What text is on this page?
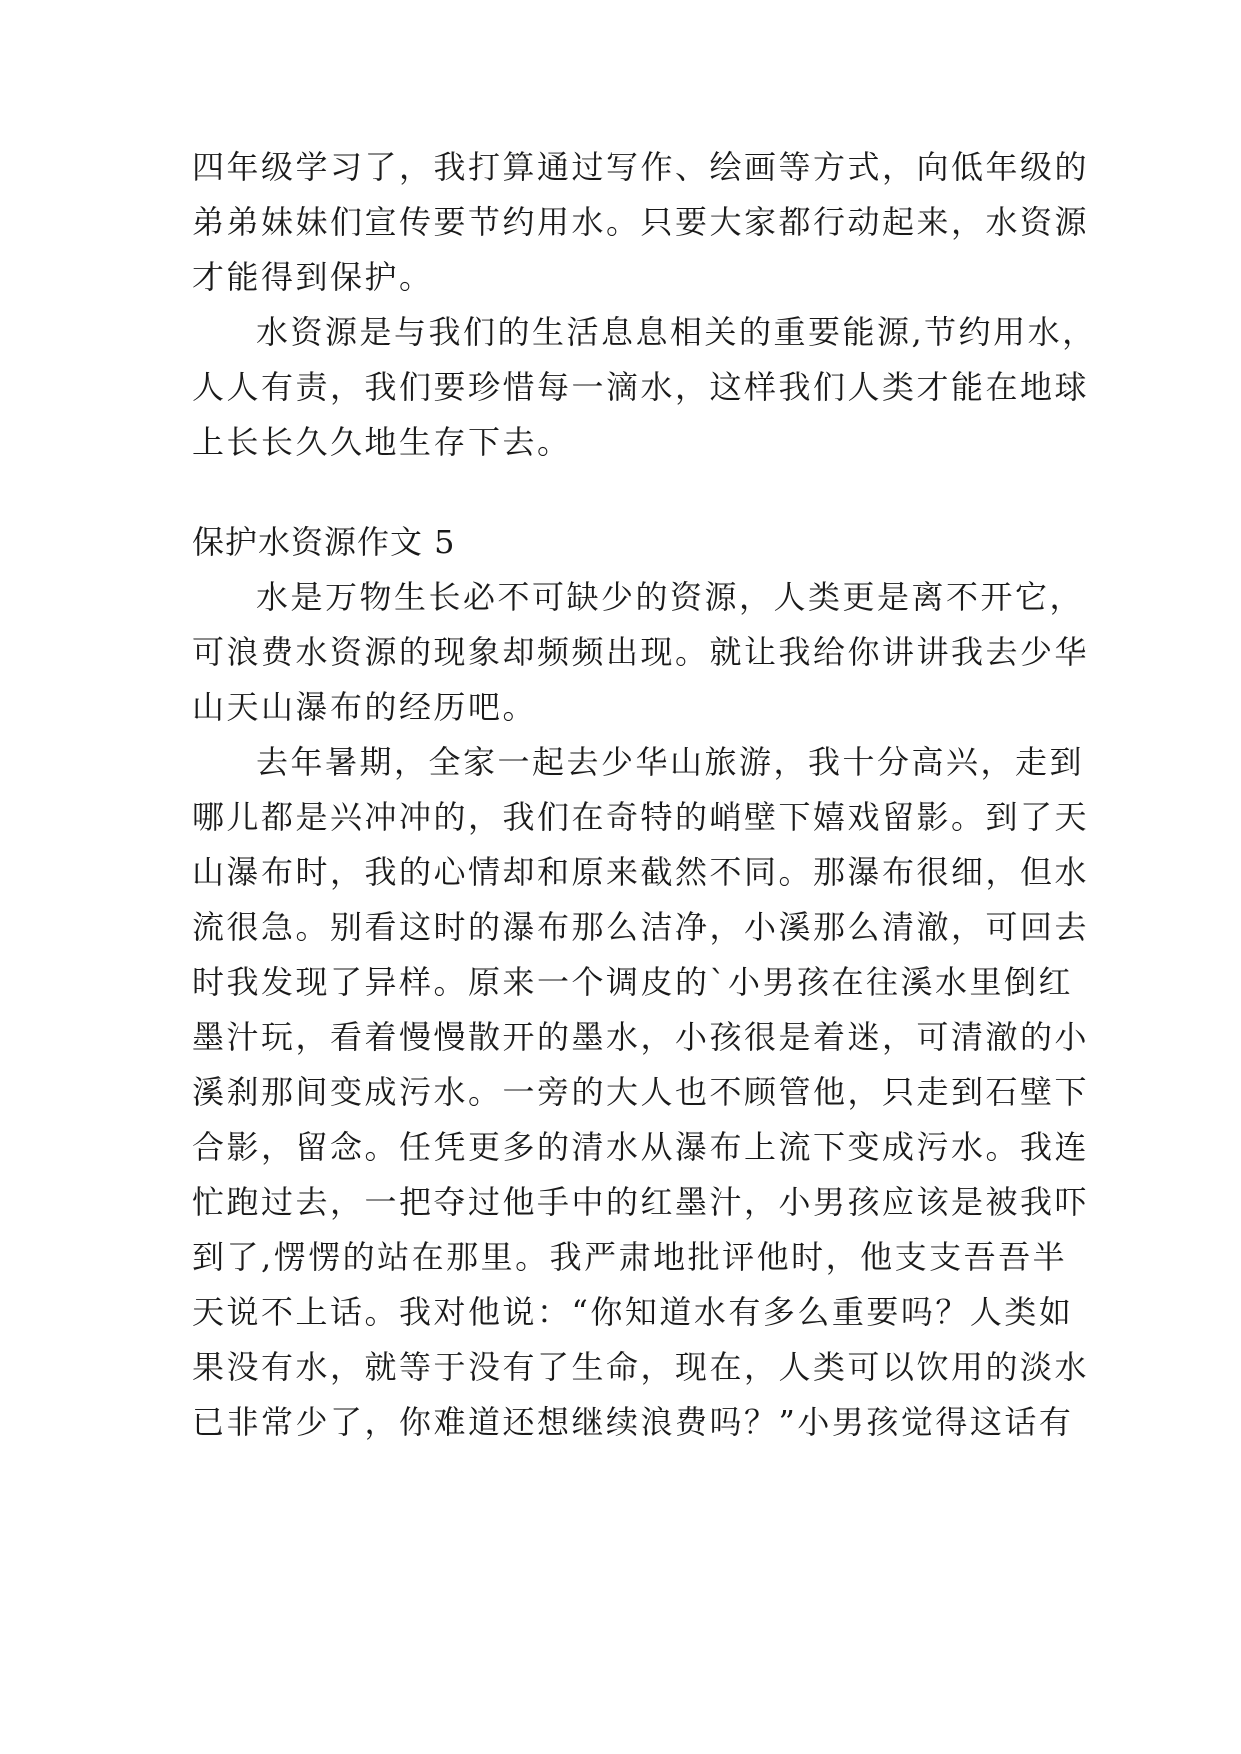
四年级学习了，我打算通过写作、绘画等方式，向低年级的
弟弟妹妹们宣传要节约用水。只要大家都行动起来，水资源
才能得到保护。
水资源是与我们的生活息息相关的重要能源,节约用水，
人人有责，我们要珍惜每一滴水，这样我们人类才能在地球
上长长久久地生存下去。
保护水资源作文 5
水是万物生长必不可缺少的资源，人类更是离不开它，
可浪费水资源的现象却频频出现。就让我给你讲讲我去少华
山天山瀑布的经历吧。
去年暑期，全家一起去少华山旅游，我十分高兴，走到
哪儿都是兴冲冲的，我们在奇特的峭壁下嬉戏留影。到了天
山瀑布时，我的心情却和原来截然不同。那瀑布很细，但水
流很急。别看这时的瀑布那么洁净，小溪那么清澈，可回去
时我发现了异样。原来一个调皮的`小男孩在往溪水里倒红
墨汁玩，看着慢慢散开的墨水，小孩很是着迷，可清澈的小
溪刹那间变成污水。一旁的大人也不顾管他，只走到石壁下
合影，留念。任凭更多的清水从瀑布上流下变成污水。我连
忙跑过去，一把夺过他手中的红墨汁，小男孩应该是被我吓
到了,愣愣的站在那里。我严肃地批评他时，他支支吾吾半
天说不上话。我对他说：“你知道水有多么重要吗？人类如
果没有水，就等于没有了生命，现在，人类可以饮用的淡水
已非常少了，你难道还想继续浪费吗？”小男孩觉得这话有
